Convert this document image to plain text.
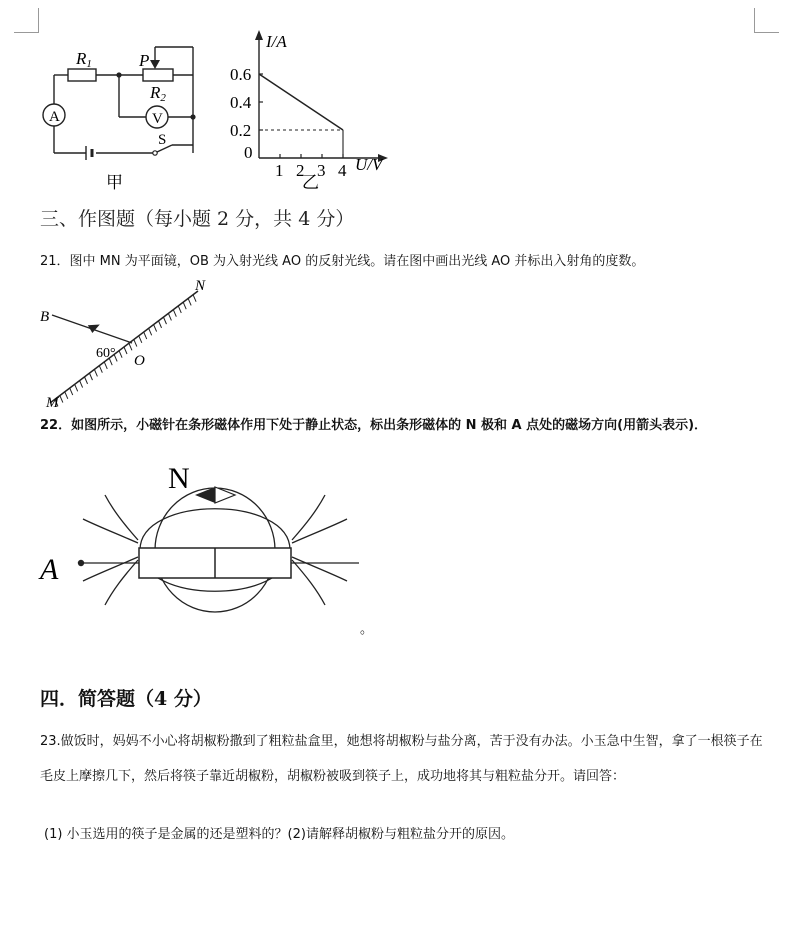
R1	P
R2
A	V
S
甲
1 2 3 4
0.6
0.4
0.2
I/A
U/V
0
乙
三、作图题（每小题 2 分，共 4 分）
21．图中 MN 为平面镜，OB 为入射光线 AO 的反射光线。请在图中画出光线 AO 并标出入射角的度数。
B
N
O
M
60°
22．如图所示，小磁针在条形磁体作用下处于静止状态，标出条形磁体的 N 极和 A 点处的磁场方向(用箭头表示)．
N
A
。
四．简答题（4 分）
23.做饭时，妈妈不小心将胡椒粉撒到了粗粒盐盒里，她想将胡椒粉与盐分离，苦于没有办法。小玉急中生智，拿了一根筷子在毛皮上摩擦几下，然后将筷子靠近胡椒粉，胡椒粉被吸到筷子上，成功地将其与粗粒盐分开。请回答：
(1) 小玉选用的筷子是金属的还是塑料的？(2)请解释胡椒粉与粗粒盐分开的原因。
